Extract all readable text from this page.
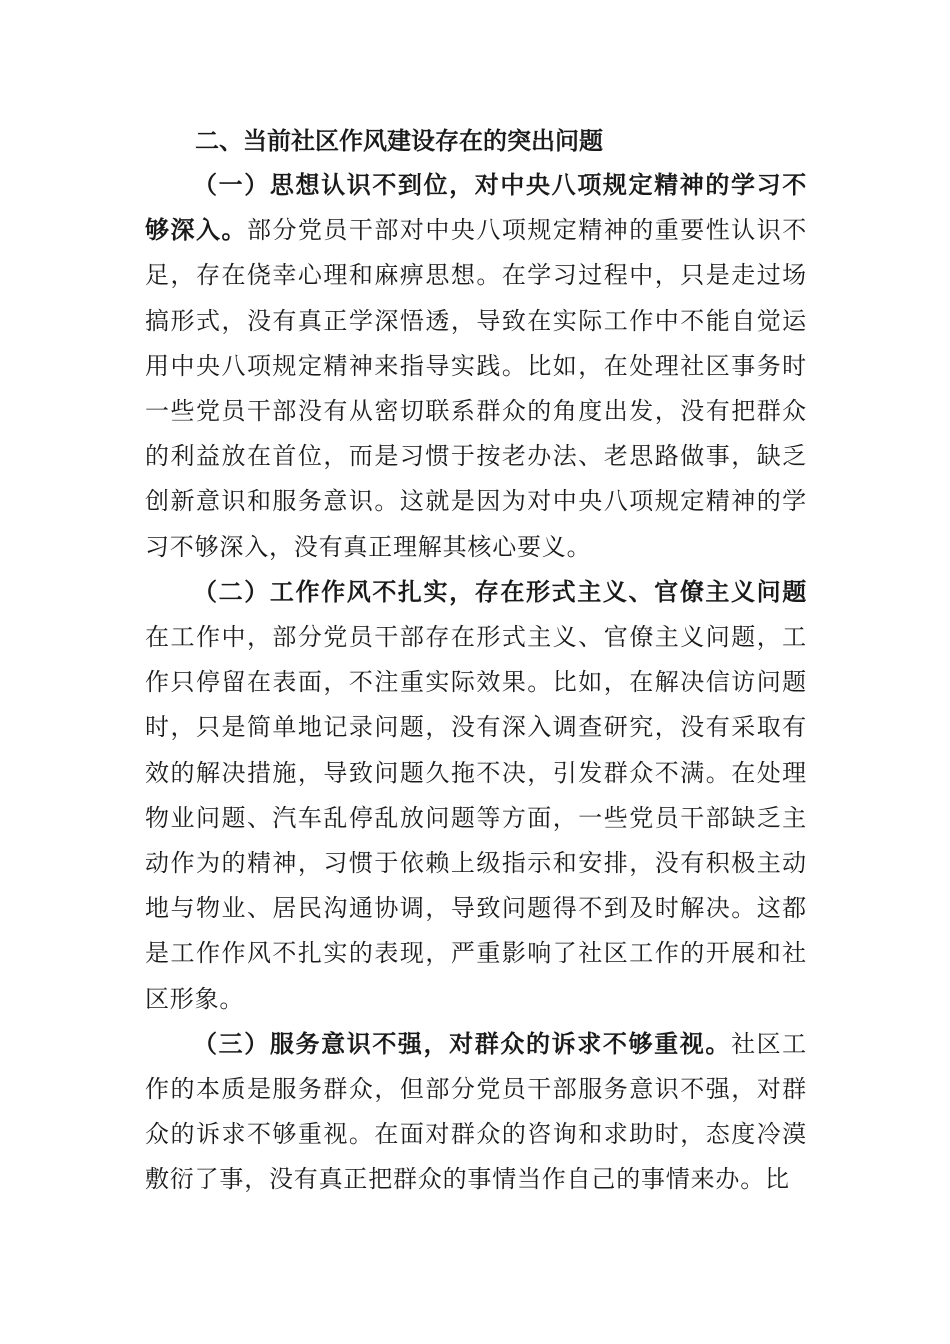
二、当前社区作风建设存在的突出问题

（一）思想认识不到位，对中央八项规定精神的学习不够深入。部分党员干部对中央八项规定精神的重要性认识不足，存在侥幸心理和麻痹思想。在学习过程中，只是走过场搞形式，没有真正学深悟透，导致在实际工作中不能自觉运用中央八项规定精神来指导实践。比如，在处理社区事务时一些党员干部没有从密切联系群众的角度出发，没有把群众的利益放在首位，而是习惯于按老办法、老思路做事，缺乏创新意识和服务意识。这就是因为对中央八项规定精神的学习不够深入，没有真正理解其核心要义。

（二）工作作风不扎实，存在形式主义、官僚主义问题在工作中，部分党员干部存在形式主义、官僚主义问题，工作只停留在表面，不注重实际效果。比如，在解决信访问题时，只是简单地记录问题，没有深入调查研究，没有采取有效的解决措施，导致问题久拖不决，引发群众不满。在处理物业问题、汽车乱停乱放问题等方面，一些党员干部缺乏主动作为的精神，习惯于依赖上级指示和安排，没有积极主动地与物业、居民沟通协调，导致问题得不到及时解决。这都是工作作风不扎实的表现，严重影响了社区工作的开展和社区形象。

（三）服务意识不强，对群众的诉求不够重视。社区工作的本质是服务群众，但部分党员干部服务意识不强，对群众的诉求不够重视。在面对群众的咨询和求助时，态度冷漠敷衍了事，没有真正把群众的事情当作自己的事情来办。比
